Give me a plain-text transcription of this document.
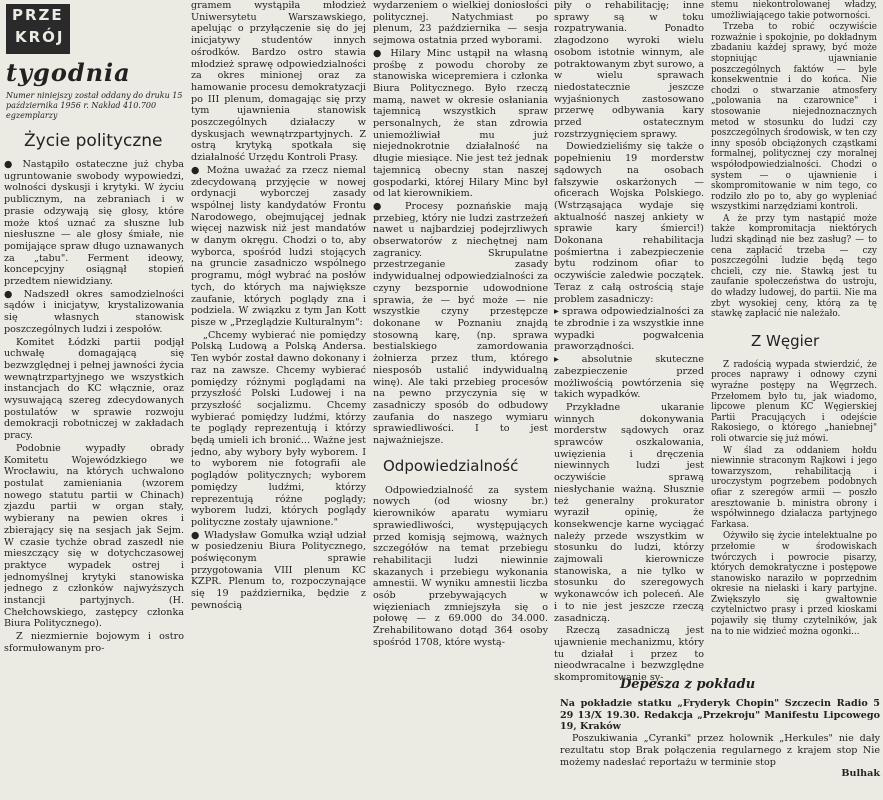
PRZE
KRÓJ
tygodnia
Numer niniejszy został oddany do druku 15 października 1956 r. Nakład 410.700 egzemplarzy
Życie polityczne

● Nastąpiło ostateczne już chyba ugruntowanie swobody wypowiedzi, wolności dyskusji i krytyki. W życiu publicznym, na zebraniach i w prasie odzywają się głosy, które może ktoś uznać za słuszne lub niesłuszne — ale głosy śmiałe, nie pomijające spraw długo uznawanych za „tabu". Ferment ideowy, koncepcyjny osiągnął stopień przedtem niewidziany.

● Nadszedł okres samodzielności sądów i inicjatyw, krystalizowania się własnych stanowisk poszczególnych ludzi i zespołów.

Komitet Łódzki partii podjął uchwałę domagającą się bezwzględnej i pełnej jawności życia wewnątrzpartyjnego we wszystkich instancjach do KC włącznie, oraz wysuwającą szereg zdecydowanych postulatów w sprawie rozwoju demokracji robotniczej w zakładach pracy.

Podobnie wypadły obrady Komitetu Wojewódzkiego we Wrocławiu, na których uchwalono postulat zamieniania (wzorem nowego statutu partii w Chinach) zjazdu partii w organ stały, wybierany na pewien okres i zbierający się na sesjach jak Sejm. W czasie tychże obrad zaszedł nie mieszczący się w dotychczasowej praktyce wypadek ostrej i jednomyślnej krytyki stanowiska jednego z członków najwyższych instancji partyjnych. (H. Chełchowskiego, zastępcy członka Biura Politycznego).

Z niezmiernie bojowym i ostro sformułowanym pro-

gramem wystąpiła młodzież Uniwersytetu Warszawskiego, apelując o przyłączenie się do jej inicjatywy studentów innych ośrodków. Bardzo ostro stawia młodzież sprawę odpowiedzialności za okres minionej oraz za hamowanie procesu demokratyzacji po III plenum, domagając się przy tym ujawnienia stanowisk poszczególnych działaczy w dyskusjach wewnątrzpartyjnych. Z ostrą krytyką spotkała się działalność Urzędu Kontroli Prasy.

● Można uważać za rzecz niemal zdecydowaną przyjęcie w nowej ordynacji wyborczej zasady wspólnej listy kandydatów Frontu Narodowego, obejmującej jednak więcej nazwisk niż jest mandatów w danym okręgu. Chodzi o to, aby wyborca, spośród ludzi stojących na gruncie zasadniczo wspólnego programu, mógł wybrać na posłów tych, do których ma największe zaufanie, których poglądy zna i podziela. W związku z tym Jan Kott pisze w „Przeglądzie Kulturalnym":

„Chcemy wybierać nie pomiędzy Polską Ludową a Polską Andersa. Ten wybór został dawno dokonany i raz na zawsze. Chcemy wybierać pomiędzy różnymi poglądami na przyszłość Polski Ludowej i na przyszłość socjalizmu. Chcemy wybierać pomiędzy ludźmi, którzy te poglądy reprezentują i którzy będą umieli ich bronić... Ważne jest jedno, aby wybory były wyborem. I to wyborem nie fotografii ale poglądów politycznych; wyborem pomiędzy ludźmi, którzy reprezentują różne poglądy; wyborem ludzi, których poglądy polityczne zostały ujawnione."

● Władysław Gomułka wziął udział w posiedzeniu Biura Politycznego, poświęconym sprawie przygotowania VIII plenum KC KZPR. Plenum to, rozpoczynające się 19 października, będzie z pewnością

wydarzeniem o wielkiej doniosłości politycznej. Natychmiast po plenum, 23 października — sesja sejmowa ostatnia przed wyborami.

● Hilary Minc ustąpił na własną prośbę z powodu choroby ze stanowiska wicepremiera i członka Biura Politycznego. Było rzeczą mamą, nawet w okresie osłaniania tajemnicą wszystkich spraw personalnych, że stan zdrowia uniemożliwiał mu już niejednokrotnie działalność na długie miesiące. Nie jest też jednak tajemnicą obecny stan naszej gospodarki, której Hilary Minc był od lat kierownikiem.

● Procesy poznańskie mają przebieg, który nie ludzi zastrzeżeń nawet u najbardziej podejrzliwych obserwatorów z niechętnej nam zagranicy. Skrupulatne przestrzeganie zasady indywidualnej odpowiedzialności za czyny bezspornie udowodnione sprawia, że — być może — nie wszystkie czyny przestępcze dokonane w Poznaniu znajdą stosowną karę, (np. sprawa bestialskiego zamordowania żołnierza przez tłum, którego niesposób ustalić indywidualną winę). Ale taki przebieg procesów na pewno przyczynia się w zasadniczy sposób do odbudowy zaufania do naszego wymiaru sprawiedliwości. I to jest najważniejsze.

Odpowiedzialność

Odpowiedzialność za system nowych (od wiosny br.) kierowników aparatu wymiaru sprawiedliwości, występujących przed komisją sejmową, ważnych szczegółów na temat przebiegu rehabilitacji ludzi niewinnie skazanych i przebiegu wykonania amnestii. W wyniku amnestii liczba osób przebywających w więzieniach zmniejszyła się o połowę — z 69.000 do 34.000. Zrehabilitowano dotąd 364 osoby spośród 1708, które wystą-

piły o rehabilitację; inne sprawy są w toku rozpatrywania. Ponadto złagodzono wyroki wielu osobom istotnie winnym, ale potraktowanym zbyt surowo, a w wielu sprawach niedostatecznie jeszcze wyjaśnionych zastosowano przerwę odbywania kary przed ostatecznym rozstrzygnięciem sprawy.

Dowiedzieliśmy się także o popełnieniu 19 morderstw sądowych na osobach fałszywie oskarżonych — oficerach Wojska Polskiego. (Wstrząsająca wydaje się aktualność naszej ankiety w sprawie kary śmierci!) Dokonana rehabilitacja pośmiertna i zabezpieczenie bytu rodzinom ofiar to oczywiście zaledwie początek. Teraz z całą ostrością staje problem zasadniczy:

▸ sprawa odpowiedzialności za te zbrodnie i za wszystkie inne wypadki pogwałcenia praworządności.

▸ absolutnie skuteczne zabezpieczenie przed możliwością powtórzenia się takich wypadków.

Przykładne ukaranie winnych dokonywania morderstw sądowych oraz sprawców oszkalowania, uwięzienia i dręczenia niewinnych ludzi jest oczywiście sprawą niesłychanie ważną. Słusznie też generalny prokurator wyraził opinię, że konsekwencje karne wyciągać należy przede wszystkim w stosunku do ludzi, którzy zajmowali kierownicze stanowiska, a nie tylko w stosunku do szeregowych wykonawców ich poleceń. Ale i to nie jest jeszcze rzeczą zasadniczą.

Rzeczą zasadniczą jest ujawnienie mechanizmu, który tu działał i przez to nieodwracalne i bezwzględne skompromitowanie sy-

stemu niekontrolowanej władzy, umożliwiającego takie potworności.

Trzeba to robić oczywiście rozważnie i spokojnie, po dokładnym zbadaniu każdej sprawy, być może stopniując ujawnianie poszczególnych faktów — byle konsekwentnie i do końca. Nie chodzi o stwarzanie atmosfery „polowania na czarownice" i stosowanie niejednoznacznych metod w stosunku do ludzi czy poszczególnych środowisk, w ten czy inny sposób obciążonych cząstkami formalnej, politycznej czy moralnej współodpowiedzialności. Chodzi o system — o ujawnienie i skompromitowanie w nim tego, co rodziło zło po to, aby go wypleniać wszystkimi narzędziami kontroli.

A że przy tym nastąpić może także kompromitacja niektórych ludzi skądinąd nie bez zasług? — to cena zapłacić trzeba — czy poszczególni ludzie będą tego chcieli, czy nie. Stawką jest tu zaufanie społeczeństwa do ustroju, do władzy ludowej, do partii. Nie ma zbyt wysokiej ceny, którą za tę stawkę zapłacić nie należało.

Z Węgier

Z radością wypada stwierdzić, że proces naprawy i odnowy czyni wyraźne postępy na Węgrzech. Przełomem było tu, jak wiadomo, lipcowe plenum KC Węgierskiej Partii Pracujących i odejście Rakosiego, o którego „haniebnej" roli otwarcie się już mówi.

W ślad za oddaniem hołdu niewinnie straconym Rajkowi i jego towarzyszom, rehabilitacją i uroczystym pogrzebem podobnych ofiar z szeregów armii — poszło aresztowanie b. ministra obrony i współwinnego działacza partyjnego Farkasa.

Ożywiło się życie intelektualne po przełomie w środowiskach twórczych i powrocie pisarzy, których demokratyczne i postępowe stanowisko naraziło w poprzednim okresie na niełaski i kary partyjne. Zwiększyło się gwałtownie czytelnictwo prasy i przed kioskami pojawiły się tłumy czytelników, jak na to nie widzieć można ogonki...

Depesza z pokładu

Na pokładzie statku „Fryderyk Chopin" Szczecin Radio 5 29 13/X 19.30. Redakcja „Przekroju" Manifestu Lipcowego 19, Kraków

Poszukiwania „Cyranki" przez holownik „Herkules" nie dały rezultatu stop Brak połączenia regularnego z krajem stop Nie możemy nadesłać reportażu w terminie stop

Bulhak
